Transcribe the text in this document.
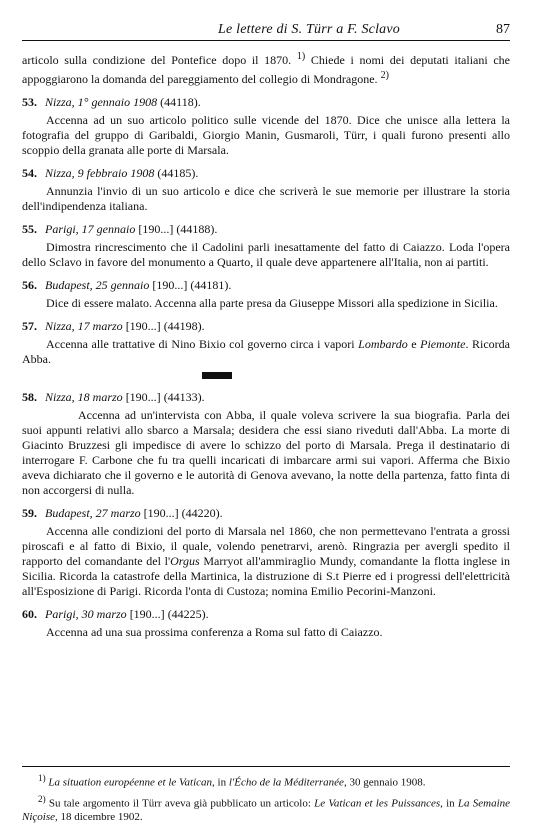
Le lettere di S. Türr a F. Sclavo	87

articolo sulla condizione del Pontefice dopo il 1870. $^{1)}$ Chiede i nomi dei deputati italiani che appoggiarono la domanda del pareggiamento del collegio di Mondragone. $^{2)}$

53. Nizza, 1° gennaio 1908 (44118).

Accenna ad un suo articolo politico sulle vicende del 1870. Dice che unisce alla lettera la fotografia del gruppo di Garibaldi, Giorgio Manin, Gusmaroli, Türr, i quali furono presenti allo scoppio della granata alle porte di Marsala.

54. Nizza, 9 febbraio 1908 (44185).

Annunzia l'invio di un suo articolo e dice che scriverà le sue memorie per illustrare la storia dell'indipendenza italiana.

55. Parigi, 17 gennaio [190...] (44188).

Dimostra rincrescimento che il Cadolini parli inesattamente del fatto di Caiazzo. Loda l'opera dello Sclavo in favore del monumento a Quarto, il quale deve appartenere all'Italia, non ai partiti.

56. Budapest, 25 gennaio [190...] (44181).

Dice di essere malato. Accenna alla parte presa da Giuseppe Missori alla spedizione in Sicilia.

57. Nizza, 17 marzo [190...] (44198).

Accenna alle trattative di Nino Bixio col governo circa i vapori Lombardo e Piemonte. Ricorda Abba.

58. Nizza, 18 marzo [190...] (44133).

Accenna ad un'intervista con Abba, il quale voleva scrivere la sua biografia. Parla dei suoi appunti relativi allo sbarco a Marsala; desidera che essi siano riveduti dall'Abba. La morte di Giacinto Bruzzesi gli impedisce di avere lo schizzo del porto di Marsala. Prega il destinatario di interrogare F. Carbone che fu tra quelli incaricati di imbarcare armi sui vapori. Afferma che Bixio aveva dichiarato che il governo e le autorità di Genova avevano, la notte della partenza, fatto finta di non accorgersi di nulla.

59. Budapest, 27 marzo [190...] (44220).

Accenna alle condizioni del porto di Marsala nel 1860, che non permettevano l'entrata a grossi piroscafi e al fatto di Bixio, il quale, volendo penetrarvi, arenò. Ringrazia per avergli spedito il rapporto del comandante del l'Orgus Marryot all'ammiraglio Mundy, comandante la flotta inglese in Sicilia. Ricorda la catastrofe della Martinica, la distruzione di S.t Pierre ed i progressi dell'elettricità all'Esposizione di Parigi. Ricorda l'onta di Custoza; nomina Emilio Pecorini-Manzoni.

60. Parigi, 30 marzo [190...] (44225).

Accenna ad una sua prossima conferenza a Roma sul fatto di Caiazzo.

$^{1)}$ La situation européenne et le Vatican, in l'Écho de la Méditerranée, 30 gennaio 1908.

$^{2)}$ Su tale argomento il Türr aveva già pubblicato un articolo: Le Vatican et les Puissances, in La Semaine Niçoise, 18 dicembre 1902.
